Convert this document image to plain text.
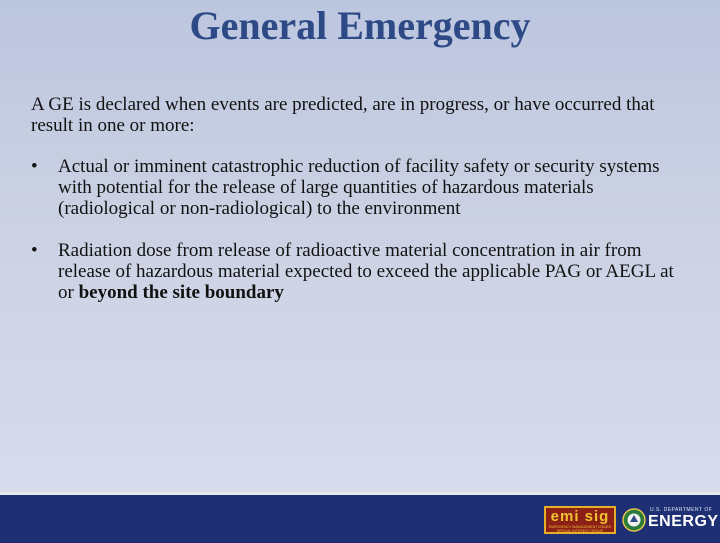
General Emergency
A GE is declared when events are predicted, are in progress, or have occurred that result in one or more:
•	Actual or imminent catastrophic reduction of facility safety or security systems with potential for the release of large quantities of hazardous materials (radiological or non-radiological) to the environment
•	Radiation dose from release of radioactive material concentration in air from release of hazardous material expected to exceed the applicable PAG or AEGL at or beyond the site boundary
emi sig
EMERGENCY MANAGEMENT ISSUES SPECIAL INTEREST GROUP
U.S. DEPARTMENT OF
ENERGY
